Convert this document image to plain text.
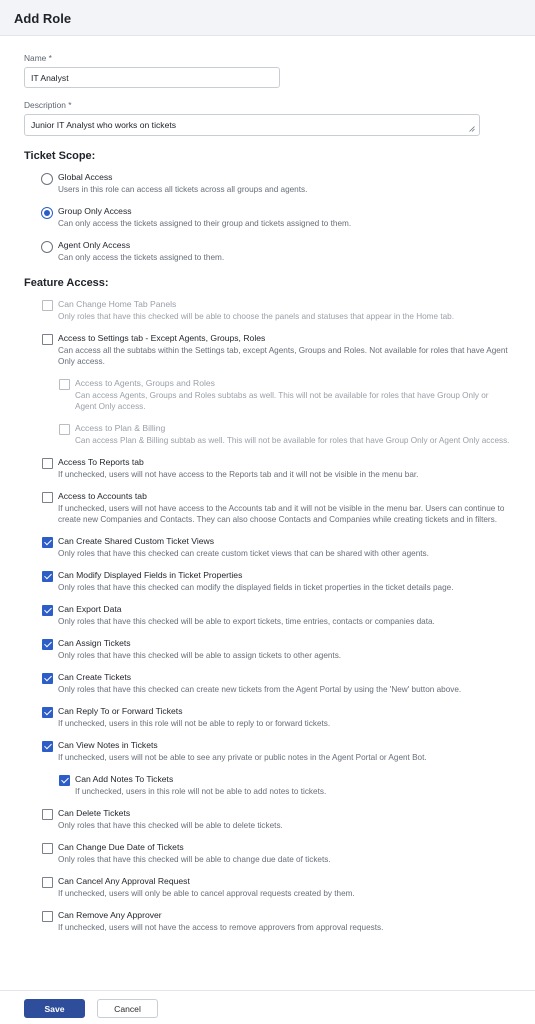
Add Role
Name *
IT Analyst
Description *
Junior IT Analyst who works on tickets
Ticket Scope:
Global Access
Users in this role can access all tickets across all groups and agents.
Group Only Access
Can only access the tickets assigned to their group and tickets assigned to them.
Agent Only Access
Can only access the tickets assigned to them.
Feature Access:
Can Change Home Tab Panels
Only roles that have this checked will be able to choose the panels and statuses that appear in the Home tab.
Access to Settings tab - Except Agents, Groups, Roles
Can access all the subtabs within the Settings tab, except Agents, Groups and Roles. Not available for roles that have Agent Only access.
Access to Agents, Groups and Roles
Can access Agents, Groups and Roles subtabs as well. This will not be available for roles that have Group Only or Agent Only access.
Access to Plan & Billing
Can access Plan & Billing subtab as well. This will not be available for roles that have Group Only or Agent Only access.
Access To Reports tab
If unchecked, users will not have access to the Reports tab and it will not be visible in the menu bar.
Access to Accounts tab
If unchecked, users will not have access to the Accounts tab and it will not be visible in the menu bar. Users can continue to create new Companies and Contacts. They can also choose Contacts and Companies while creating tickets and in filters.
Can Create Shared Custom Ticket Views
Only roles that have this checked can create custom ticket views that can be shared with other agents.
Can Modify Displayed Fields in Ticket Properties
Only roles that have this checked can modify the displayed fields in ticket properties in the ticket details page.
Can Export Data
Only roles that have this checked will be able to export tickets, time entries, contacts or companies data.
Can Assign Tickets
Only roles that have this checked will be able to assign tickets to other agents.
Can Create Tickets
Only roles that have this checked can create new tickets from the Agent Portal by using the 'New' button above.
Can Reply To or Forward Tickets
If unchecked, users in this role will not be able to reply to or forward tickets.
Can View Notes in Tickets
If unchecked, users will not be able to see any private or public notes in the Agent Portal or Agent Bot.
Can Add Notes To Tickets
If unchecked, users in this role will not be able to add notes to tickets.
Can Delete Tickets
Only roles that have this checked will be able to delete tickets.
Can Change Due Date of Tickets
Only roles that have this checked will be able to change due date of tickets.
Can Cancel Any Approval Request
If unchecked, users will only be able to cancel approval requests created by them.
Can Remove Any Approver
If unchecked, users will not have the access to remove approvers from approval requests.
Save	Cancel
